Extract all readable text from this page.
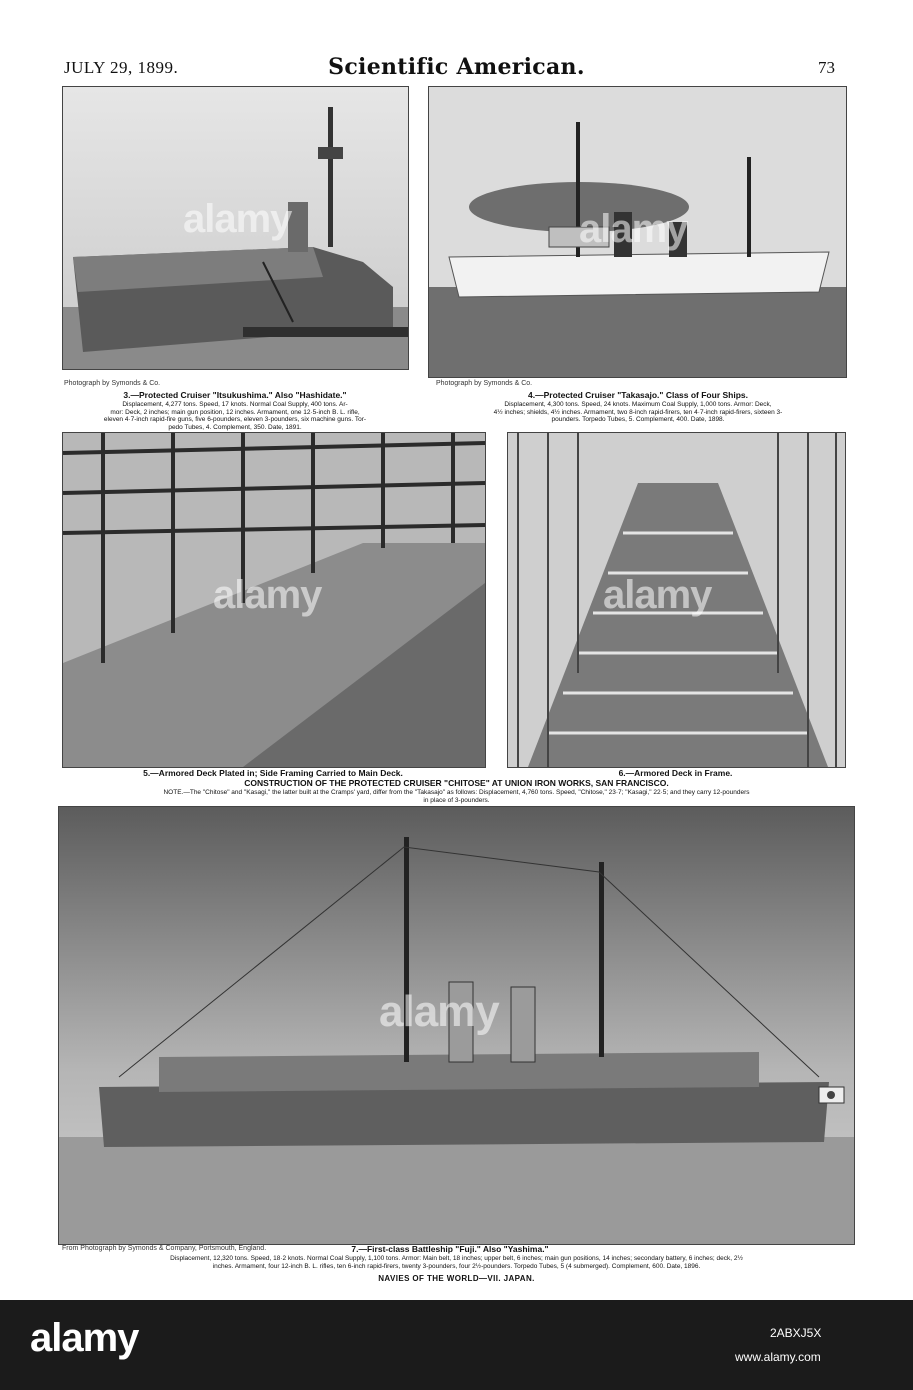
JULY 29, 1899.	Scientific American.	73
alamy
Photograph by Symonds & Co.
3.—Protected Cruiser "Itsukushima." Also "Hashidate."
Displacement, 4,277 tons. Speed, 17 knots. Normal Coal Supply, 400 tons. Ar-
mor: Deck, 2 inches; main gun position, 12 inches. Armament, one 12·5-inch B. L. rifle,
eleven 4·7-inch rapid-fire guns, five 6-pounders, eleven 3-pounders, six machine guns. Tor-
pedo Tubes, 4. Complement, 350. Date, 1891.
alamy
Photograph by Symonds & Co.
4.—Protected Cruiser "Takasajo." Class of Four Ships.
Displacement, 4,300 tons. Speed, 24 knots. Maximum Coal Supply, 1,000 tons. Armor: Deck,
4½ inches; shields, 4½ inches. Armament, two 8-inch rapid-firers, ten 4·7-inch rapid-firers, sixteen 3-
pounders. Torpedo Tubes, 5. Complement, 400. Date, 1898.
alamy
5.—Armored Deck Plated in; Side Framing Carried to Main Deck.
alamy
6.—Armored Deck in Frame.
CONSTRUCTION OF THE PROTECTED CRUISER "CHITOSE" AT UNION IRON WORKS, SAN FRANCISCO.
NOTE.—The "Chitose" and "Kasagi," the latter built at the Cramps' yard, differ from the "Takasajo" as follows: Displacement, 4,760 tons. Speed, "Chitose," 23·7; "Kasagi," 22·5; and they carry 12-pounders
in place of 3-pounders.
alamy
From Photograph by Symonds & Company, Portsmouth, England.	7.—First-class Battleship "Fuji." Also "Yashima."
Displacement, 12,320 tons. Speed, 18·2 knots. Normal Coal Supply, 1,100 tons. Armor: Main belt, 18 inches; upper belt, 6 inches; main gun positions, 14 inches; secondary battery, 6 inches; deck, 2½
inches. Armament, four 12-inch B. L. rifles, ten 6-inch rapid-firers, twenty 3-pounders, four 2½-pounders. Torpedo Tubes, 5 (4 submerged). Complement, 600. Date, 1896.
NAVIES OF THE WORLD—VII. JAPAN.
alamy	2ABXJ5X
www.alamy.com
